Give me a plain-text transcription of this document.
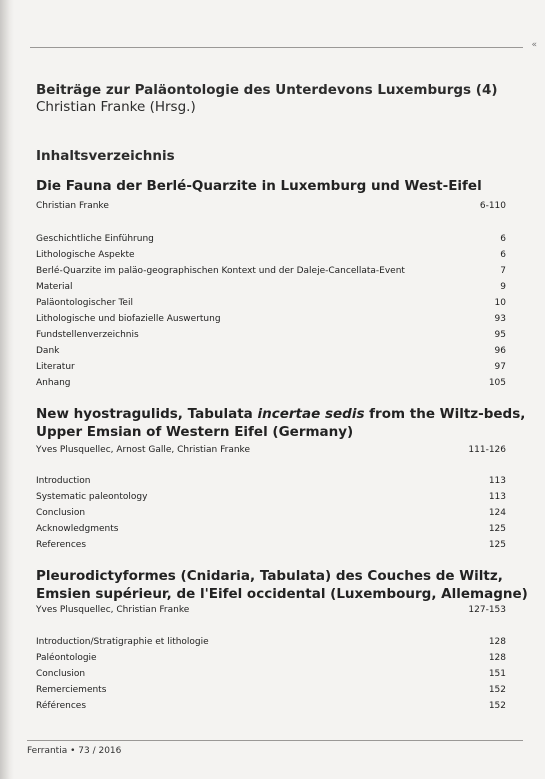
«
Beiträge zur Paläontologie des Unterdevons Luxemburgs (4)
Christian Franke (Hrsg.)
Inhaltsverzeichnis
Die Fauna der Berlé-Quarzite in Luxemburg und West-Eifel
Christian Franke	6-110
Geschichtliche Einführung	6
Lithologische Aspekte	6
Berlé-Quarzite im paläo-geographischen Kontext und der Daleje-Cancellata-Event	7
Material	9
Paläontologischer Teil	10
Lithologische und biofazielle Auswertung	93
Fundstellenverzeichnis	95
Dank	96
Literatur	97
Anhang	105
New hyostragulids, Tabulata incertae sedis from the Wiltz-beds,
Upper Emsian of Western Eifel (Germany)
Yves Plusquellec, Arnost Galle, Christian Franke	111-126
Introduction	113
Systematic paleontology	113
Conclusion	124
Acknowledgments	125
References	125
Pleurodictyformes (Cnidaria, Tabulata) des Couches de Wiltz,
Emsien supérieur, de l'Eifel occidental (Luxembourg, Allemagne)
Yves Plusquellec, Christian Franke	127-153
Introduction/Stratigraphie et lithologie	128
Paléontologie	128
Conclusion	151
Remerciements	152
Références	152
Ferrantia • 73 / 2016
